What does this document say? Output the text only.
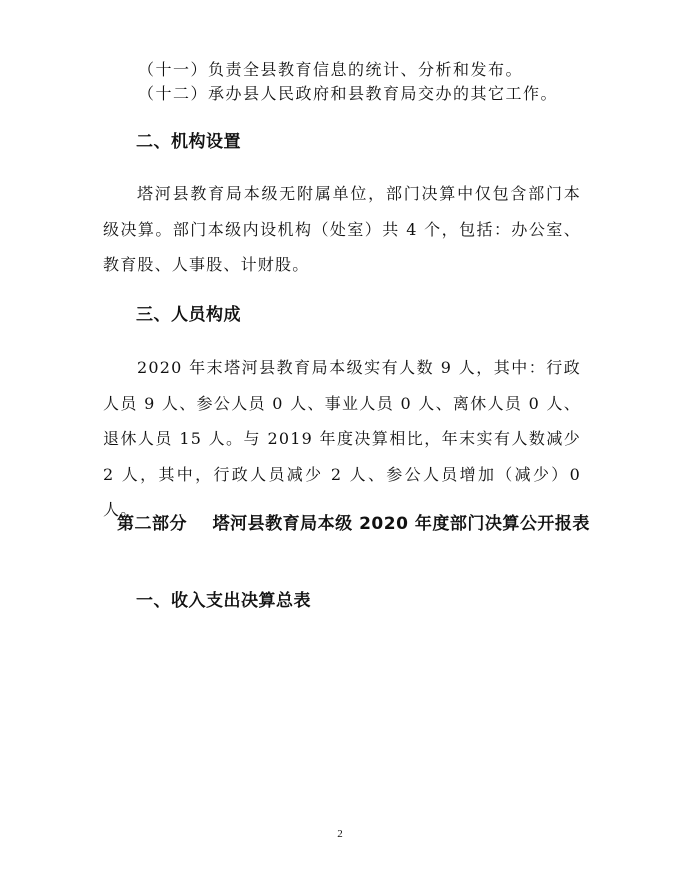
（十一）负责全县教育信息的统计、分析和发布。
（十二）承办县人民政府和县教育局交办的其它工作。
二、机构设置
塔河县教育局本级无附属单位，部门决算中仅包含部门本级决算。部门本级内设机构（处室）共 4 个，包括：办公室、教育股、人事股、计财股。
三、人员构成
2020 年末塔河县教育局本级实有人数 9 人，其中：行政人员 9 人、参公人员 0 人、事业人员 0 人、离休人员 0 人、退休人员 15 人。与 2019 年度决算相比，年末实有人数减少 2 人，其中，行政人员减少 2 人、参公人员增加（减少）0 人。
第二部分    塔河县教育局本级 2020 年度部门决算公开报表
一、收入支出决算总表
2
